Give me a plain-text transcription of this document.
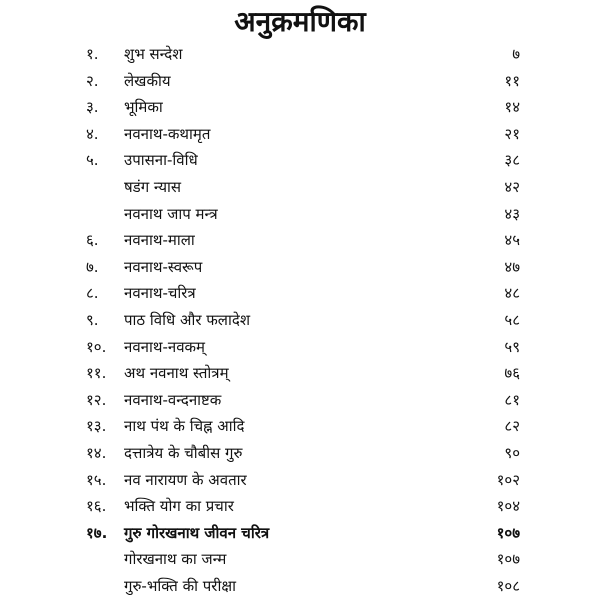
अनुक्रमणिका
१.	शुभ सन्देश	७
२.	लेखकीय	११
३.	भूमिका	१४
४.	नवनाथ-कथामृत	२१
५.	उपासना-विधि	३८
षडंग न्यास	४२
नवनाथ जाप मन्त्र	४३
६.	नवनाथ-माला	४५
७.	नवनाथ-स्वरूप	४७
८.	नवनाथ-चरित्र	४८
९.	पाठ विधि और फलादेश	५८
१०.	नवनाथ-नवकम्	५९
११.	अथ नवनाथ स्तोत्रम्	७६
१२.	नवनाथ-वन्दनाष्टक	८१
१३.	नाथ पंथ के चिह्न आदि	८२
१४.	दत्तात्रेय के चौबीस गुरु	९०
१५.	नव नारायण के अवतार	१०२
१६.	भक्ति योग का प्रचार	१०४
१७.	गुरु गोरखनाथ जीवन चरित्र	१०७
गोरखनाथ का जन्म	१०७
गुरु-भक्ति की परीक्षा	१०८
